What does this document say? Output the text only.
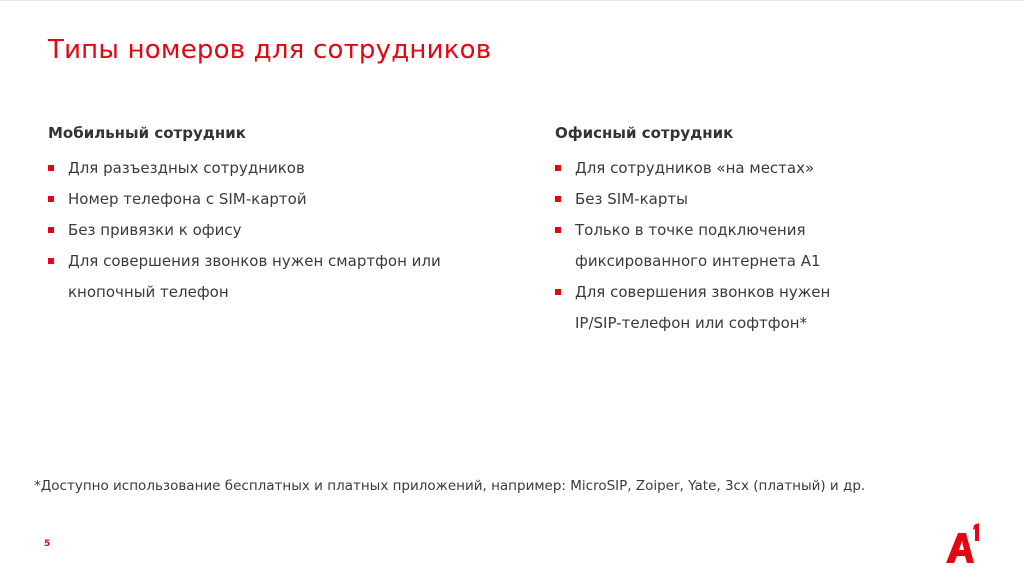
Типы номеров для сотрудников
Мобильный сотрудник
Для разъездных сотрудников
Номер телефона с SIM-картой
Без привязки к офису
Для совершения звонков нужен смартфон или кнопочный телефон
Офисный сотрудник
Для сотрудников «на местах»
Без SIM-карты
Только в точке подключения фиксированного интернета А1
Для совершения звонков нужен IP/SIP-телефон или софтфон*
*Доступно использование бесплатных и платных приложений, например: MicroSIP, Zoiper, Yate, 3cx (платный) и др.
5
